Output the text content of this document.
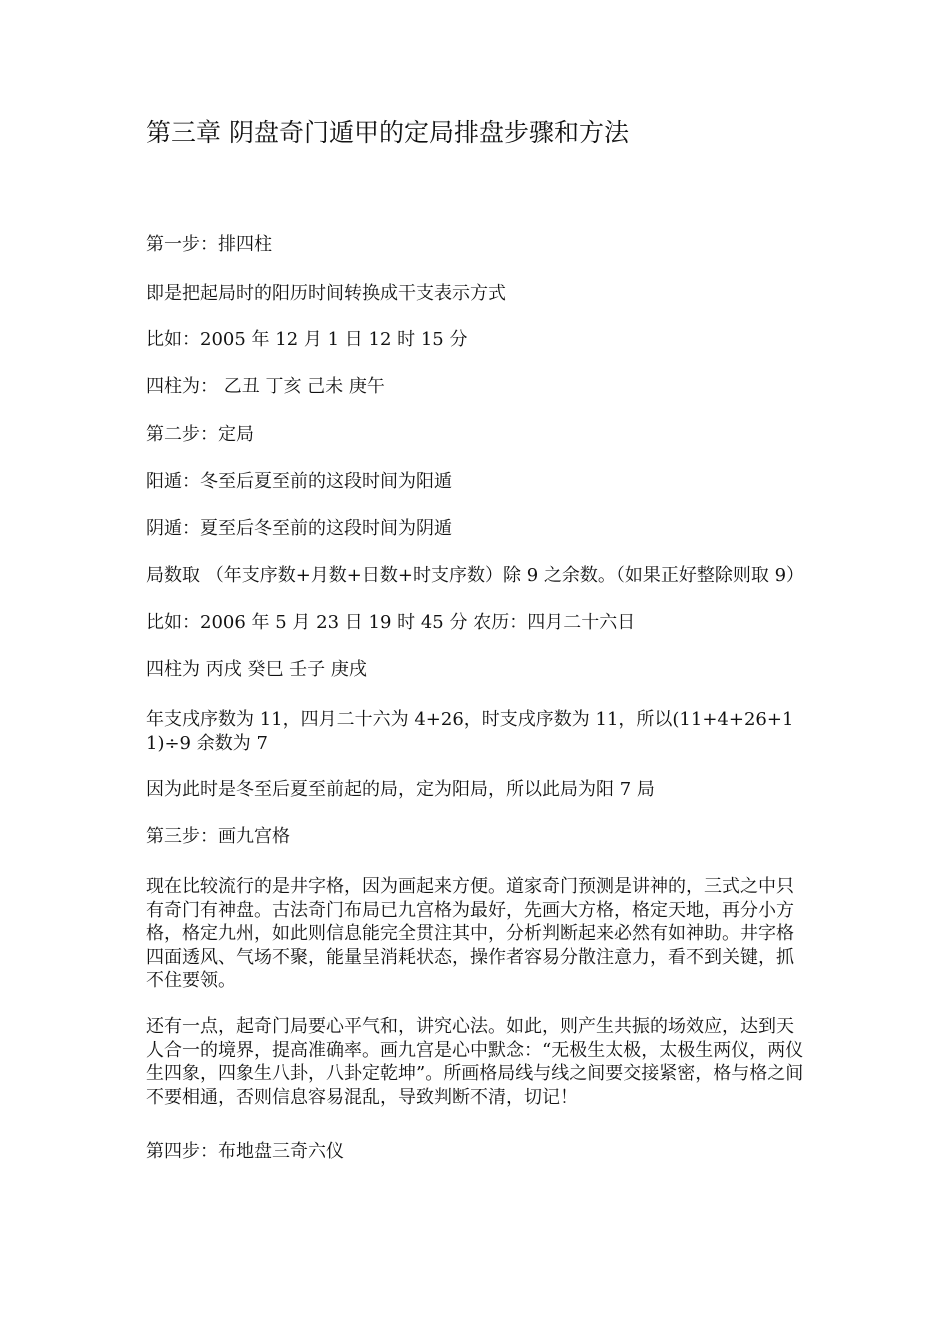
第三章 阴盘奇门遁甲的定局排盘步骤和方法
第一步：排四柱
即是把起局时的阳历时间转换成干支表示方式
比如：2005 年 12 月 1 日 12 时 15 分
四柱为： 乙丑 丁亥 己未 庚午
第二步：定局
阳遁：冬至后夏至前的这段时间为阳遁
阴遁：夏至后冬至前的这段时间为阴遁
局数取 （年支序数+月数+日数+时支序数）除 9 之余数。（如果正好整除则取 9）
比如：2006 年 5 月 23 日 19 时 45 分 农历：四月二十六日
四柱为 丙戌 癸巳 壬子 庚戌
年支戌序数为 11，四月二十六为 4+26，时支戌序数为 11，所以(11+4+26+11)÷9 余数为 7
因为此时是冬至后夏至前起的局，定为阳局，所以此局为阳 7 局
第三步：画九宫格
现在比较流行的是井字格，因为画起来方便。道家奇门预测是讲神的，三式之中只有奇门有神盘。古法奇门布局已九宫格为最好，先画大方格，格定天地，再分小方格，格定九州，如此则信息能完全贯注其中，分析判断起来必然有如神助。井字格四面透风、气场不聚，能量呈消耗状态，操作者容易分散注意力，看不到关键，抓不住要领。
还有一点，起奇门局要心平气和，讲究心法。如此，则产生共振的场效应，达到天人合一的境界，提高准确率。画九宫是心中默念：“无极生太极，太极生两仪，两仪生四象，四象生八卦，八卦定乾坤”。所画格局线与线之间要交接紧密，格与格之间不要相通，否则信息容易混乱，导致判断不清，切记！
第四步：布地盘三奇六仪
